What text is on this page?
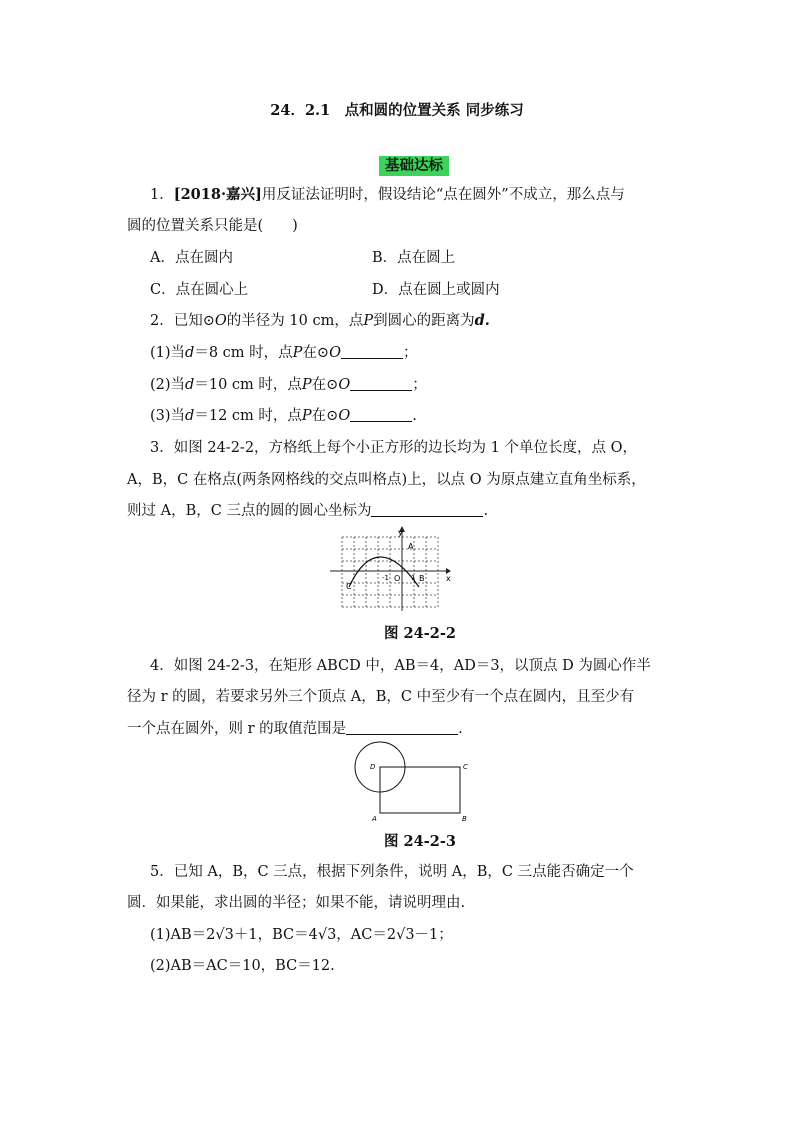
24．2.1　点和圆的位置关系 同步练习
基础达标
1．[2018·嘉兴]用反证法证明时，假设结论“点在圆外”不成立，那么点与
圆的位置关系只能是(　　)
A．点在圆内	B．点在圆上
C．点在圆心上	D．点在圆上或圆内
2．已知⊙O的半径为 10 cm，点P到圆心的距离为d.
(1)当d＝8 cm 时，点P在⊙O	；
(2)当d＝10 cm 时，点P在⊙O	；
(3)当d＝12 cm 时，点P在⊙O	.
3．如图 24-2-2，方格纸上每个小正方形的边长均为 1 个单位长度，点 O，
A，B，C 在格点(两条网格线的交点叫格点)上，以点 O 为原点建立直角坐标系，
则过 A，B，C 三点的圆的圆心坐标为	.
y
x
A
B
C
O
-1	1
图 24-2-2
4．如图 24-2-3，在矩形 ABCD 中，AB＝4，AD＝3，以顶点 D 为圆心作半
径为 r 的圆，若要求另外三个顶点 A，B，C 中至少有一个点在圆内，且至少有
一个点在圆外，则 r 的取值范围是	.
D	C
A	B
图 24-2-3
5．已知 A，B，C 三点，根据下列条件，说明 A，B，C 三点能否确定一个
圆．如果能，求出圆的半径；如果不能，请说明理由.
(1)AB＝2√3＋1，BC＝4√3，AC＝2√3－1；
(2)AB＝AC＝10，BC＝12.
